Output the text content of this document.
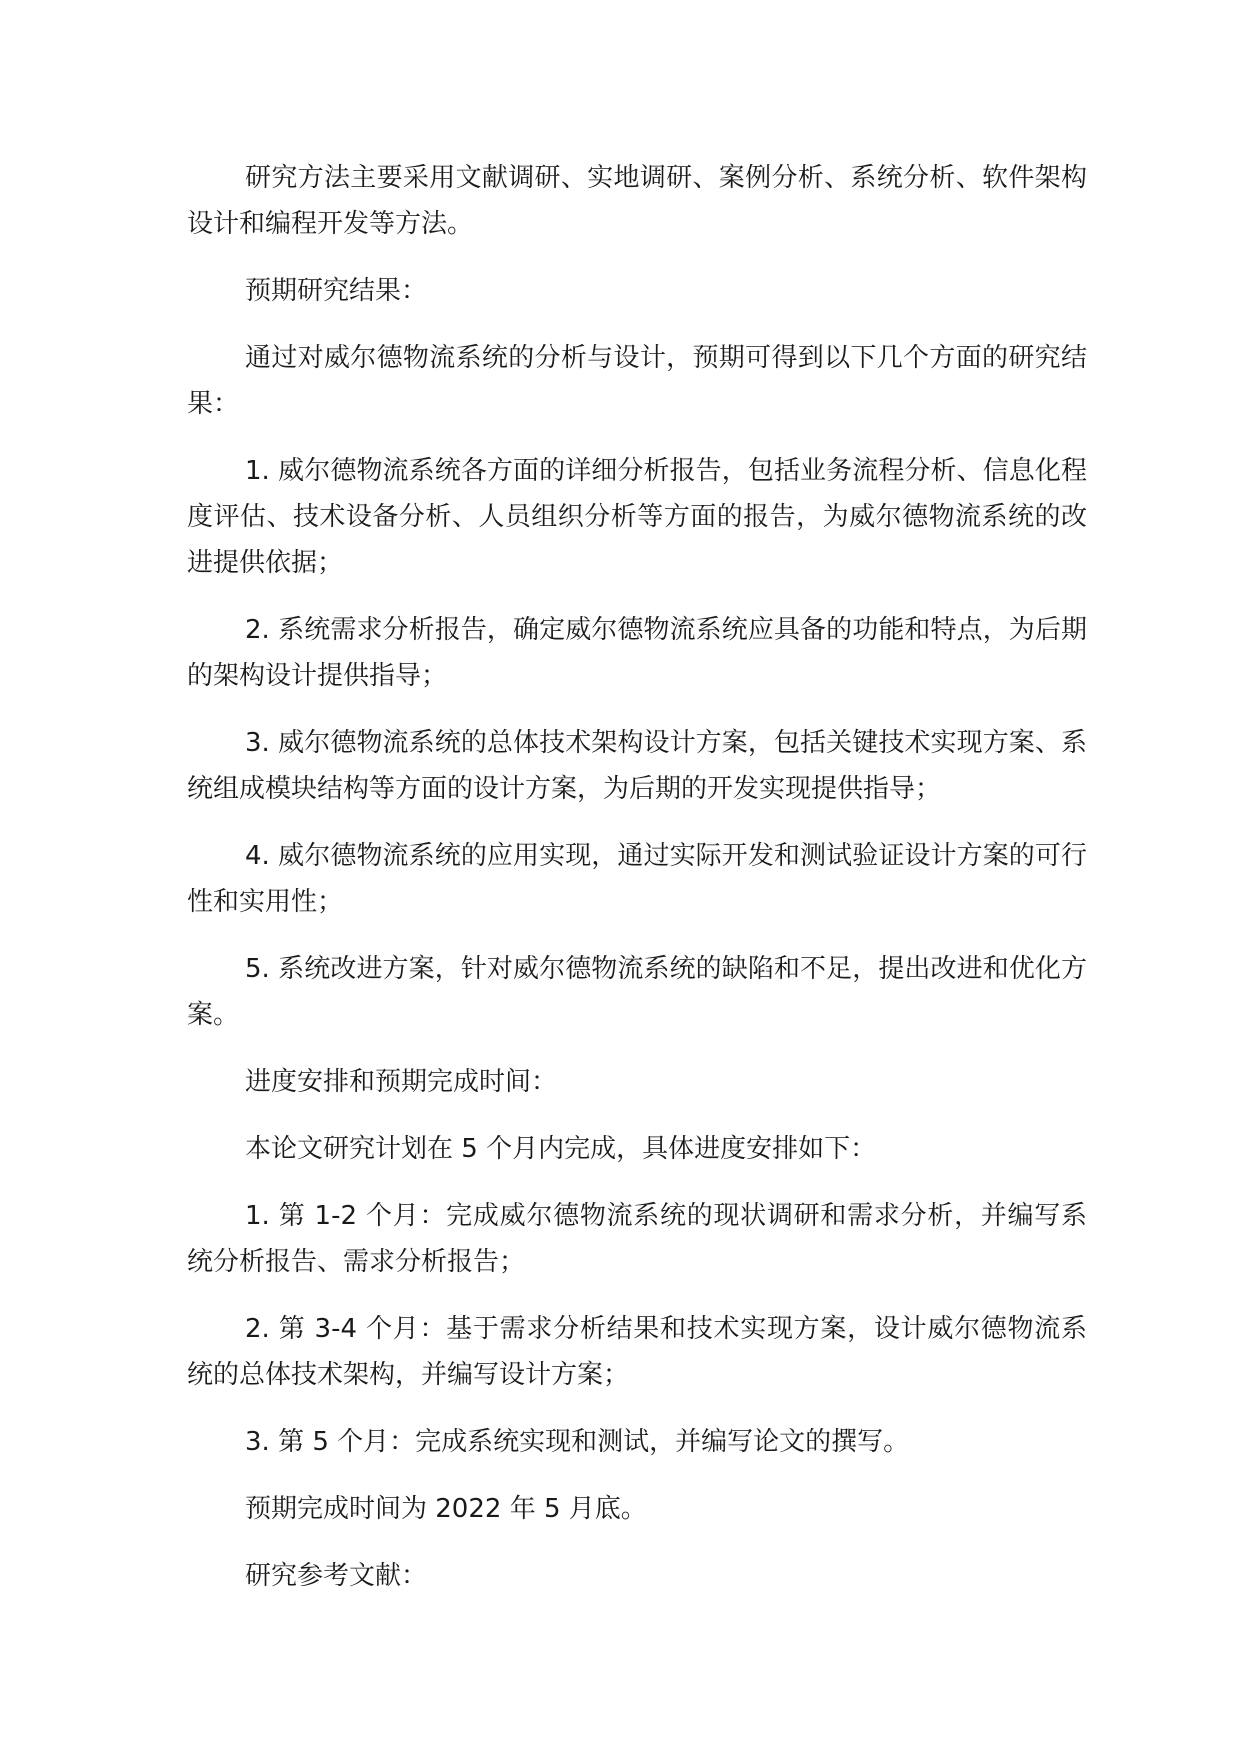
研究方法主要采用文献调研、实地调研、案例分析、系统分析、软件架构设计和编程开发等方法。

预期研究结果：

通过对威尔德物流系统的分析与设计，预期可得到以下几个方面的研究结果：

1. 威尔德物流系统各方面的详细分析报告，包括业务流程分析、信息化程度评估、技术设备分析、人员组织分析等方面的报告，为威尔德物流系统的改进提供依据；

2. 系统需求分析报告，确定威尔德物流系统应具备的功能和特点，为后期的架构设计提供指导；

3. 威尔德物流系统的总体技术架构设计方案，包括关键技术实现方案、系统组成模块结构等方面的设计方案，为后期的开发实现提供指导；

4. 威尔德物流系统的应用实现，通过实际开发和测试验证设计方案的可行性和实用性；

5. 系统改进方案，针对威尔德物流系统的缺陷和不足，提出改进和优化方案。

进度安排和预期完成时间：

本论文研究计划在 5 个月内完成，具体进度安排如下：

1. 第 1-2 个月：完成威尔德物流系统的现状调研和需求分析，并编写系统分析报告、需求分析报告；

2. 第 3-4 个月：基于需求分析结果和技术实现方案，设计威尔德物流系统的总体技术架构，并编写设计方案；

3. 第 5 个月：完成系统实现和测试，并编写论文的撰写。

预期完成时间为 2022 年 5 月底。

研究参考文献：
